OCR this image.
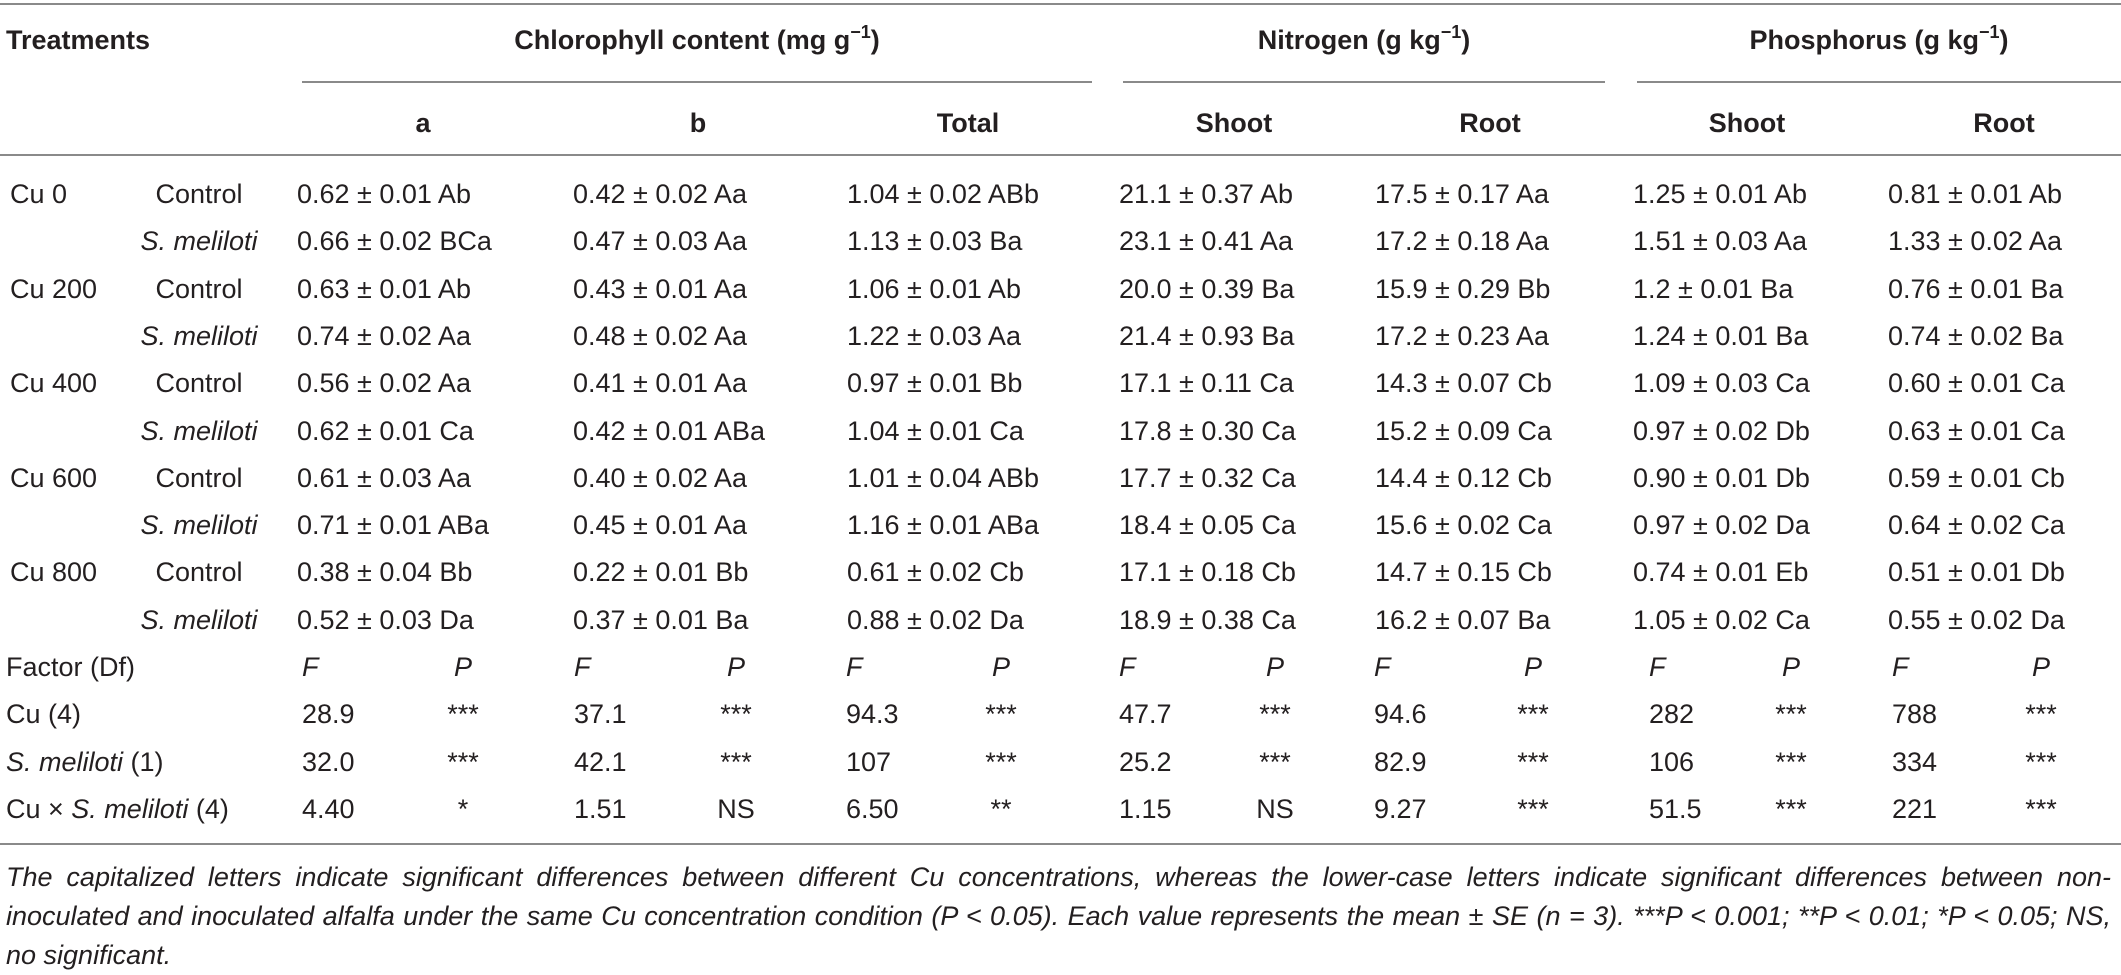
Treatments	Chlorophyll content (mg $g^{-1}$)	Nitrogen (g $kg^{-1}$)	Phosphorus (g $kg^{-1}$)
a	b	Total	Shoot	Root	Shoot	Root
Cu 0	Control	0.62 ± 0.01 Ab	0.42 ± 0.02 Aa	1.04 ± 0.02 ABb	21.1 ± 0.37 Ab	17.5 ± 0.17 Aa	1.25 ± 0.01 Ab	0.81 ± 0.01 Ab
S. meliloti	0.66 ± 0.02 BCa	0.47 ± 0.03 Aa	1.13 ± 0.03 Ba	23.1 ± 0.41 Aa	17.2 ± 0.18 Aa	1.51 ± 0.03 Aa	1.33 ± 0.02 Aa
Cu 200	Control	0.63 ± 0.01 Ab	0.43 ± 0.01 Aa	1.06 ± 0.01 Ab	20.0 ± 0.39 Ba	15.9 ± 0.29 Bb	1.2 ± 0.01 Ba	0.76 ± 0.01 Ba
S. meliloti	0.74 ± 0.02 Aa	0.48 ± 0.02 Aa	1.22 ± 0.03 Aa	21.4 ± 0.93 Ba	17.2 ± 0.23 Aa	1.24 ± 0.01 Ba	0.74 ± 0.02 Ba
Cu 400	Control	0.56 ± 0.02 Aa	0.41 ± 0.01 Aa	0.97 ± 0.01 Bb	17.1 ± 0.11 Ca	14.3 ± 0.07 Cb	1.09 ± 0.03 Ca	0.60 ± 0.01 Ca
S. meliloti	0.62 ± 0.01 Ca	0.42 ± 0.01 ABa	1.04 ± 0.01 Ca	17.8 ± 0.30 Ca	15.2 ± 0.09 Ca	0.97 ± 0.02 Db	0.63 ± 0.01 Ca
Cu 600	Control	0.61 ± 0.03 Aa	0.40 ± 0.02 Aa	1.01 ± 0.04 ABb	17.7 ± 0.32 Ca	14.4 ± 0.12 Cb	0.90 ± 0.01 Db	0.59 ± 0.01 Cb
S. meliloti	0.71 ± 0.01 ABa	0.45 ± 0.01 Aa	1.16 ± 0.01 ABa	18.4 ± 0.05 Ca	15.6 ± 0.02 Ca	0.97 ± 0.02 Da	0.64 ± 0.02 Ca
Cu 800	Control	0.38 ± 0.04 Bb	0.22 ± 0.01 Bb	0.61 ± 0.02 Cb	17.1 ± 0.18 Cb	14.7 ± 0.15 Cb	0.74 ± 0.01 Eb	0.51 ± 0.01 Db
S. meliloti	0.52 ± 0.03 Da	0.37 ± 0.01 Ba	0.88 ± 0.02 Da	18.9 ± 0.38 Ca	16.2 ± 0.07 Ba	1.05 ± 0.02 Ca	0.55 ± 0.02 Da
Factor (Df)	F	P	F	P	F	P	F	P	F	P	F	P	F	P
Cu (4)	28.9	***	37.1	***	94.3	***	47.7	***	94.6	***	282	***	788	***
S. meliloti (1)	32.0	***	42.1	***	107	***	25.2	***	82.9	***	106	***	334	***
Cu × S. meliloti (4)	4.40	*	1.51	NS	6.50	**	1.15	NS	9.27	***	51.5	***	221	***
The capitalized letters indicate significant differences between different Cu concentrations, whereas the lower-case letters indicate significant differences between non-inoculated and inoculated alfalfa under the same Cu concentration condition (P < 0.05). Each value represents the mean ± SE (n = 3). ***P < 0.001; **P < 0.01; *P < 0.05; NS, no significant.
